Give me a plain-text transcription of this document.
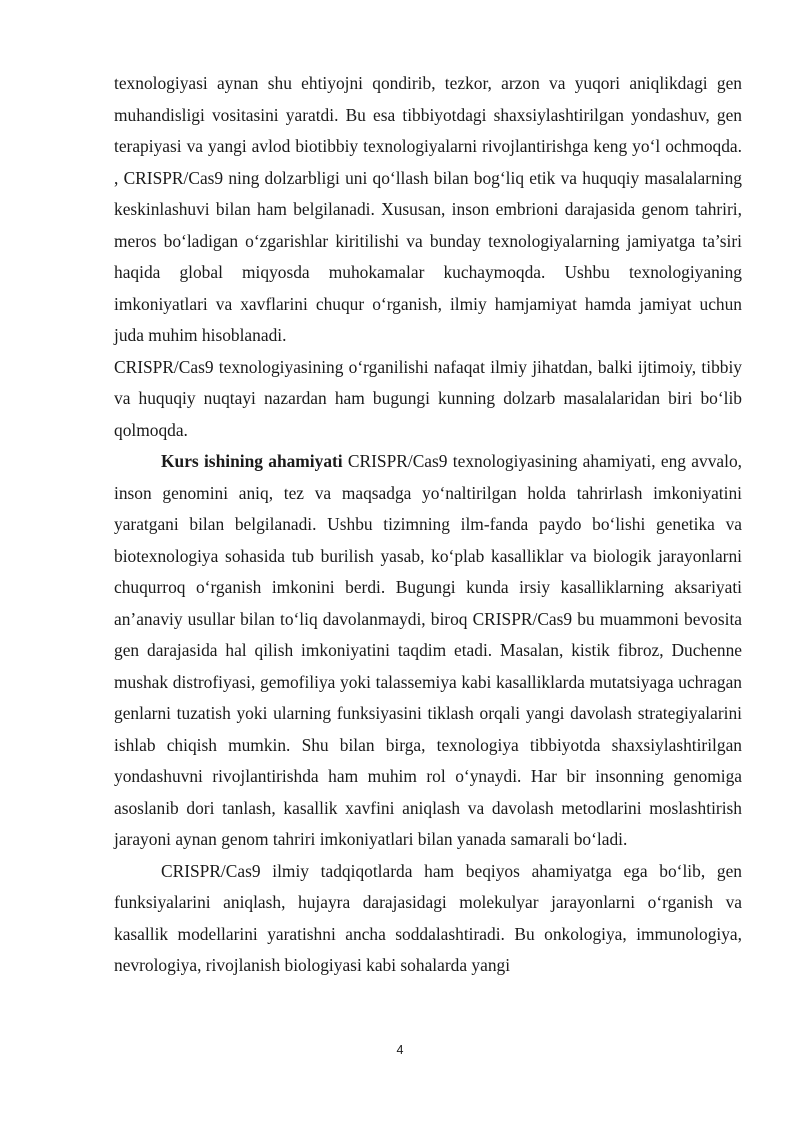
texnologiyasi aynan shu ehtiyojni qondirib, tezkor, arzon va yuqori aniqlikdagi gen muhandisligi vositasini yaratdi. Bu esa tibbiyotdagi shaxsiylashtirilgan yondashuv, gen terapiyasi va yangi avlod biotibbiy texnologiyalarni rivojlantirishga keng yo‘l ochmoqda. , CRISPR/Cas9 ning dolzarbligi uni qo‘llash bilan bog‘liq etik va huquqiy masalalarning keskinlashuvi bilan ham belgilanadi. Xususan, inson embrioni darajasida genom tahriri, meros bo‘ladigan o‘zgarishlar kiritilishi va bunday texnologiyalarning jamiyatga ta’siri haqida global miqyosda muhokamalar kuchaymoqda. Ushbu texnologiyaning imkoniyatlari va xavflarini chuqur o‘rganish, ilmiy hamjamiyat hamda jamiyat uchun juda muhim hisoblanadi.

CRISPR/Cas9 texnologiyasining o‘rganilishi nafaqat ilmiy jihatdan, balki ijtimoiy, tibbiy va huquqiy nuqtayi nazardan ham bugungi kunning dolzarb masalalaridan biri bo‘lib qolmoqda.

Kurs ishining ahamiyati CRISPR/Cas9 texnologiyasining ahamiyati, eng avvalo, inson genomini aniq, tez va maqsadga yo‘naltirilgan holda tahrirlash imkoniyatini yaratgani bilan belgilanadi. Ushbu tizimning ilm-fanda paydo bo‘lishi genetika va biotexnologiya sohasida tub burilish yasab, ko‘plab kasalliklar va biologik jarayonlarni chuqurroq o‘rganish imkonini berdi. Bugungi kunda irsiy kasalliklarning aksariyati an’anaviy usullar bilan to‘liq davolanmaydi, biroq CRISPR/Cas9 bu muammoni bevosita gen darajasida hal qilish imkoniyatini taqdim etadi. Masalan, kistik fibroz, Duchenne mushak distrofiyasi, gemofiliya yoki talassemiya kabi kasalliklarda mutatsiyaga uchragan genlarni tuzatish yoki ularning funksiyasini tiklash orqali yangi davolash strategiyalarini ishlab chiqish mumkin. Shu bilan birga, texnologiya tibbiyotda shaxsiylashtirilgan yondashuvni rivojlantirishda ham muhim rol o‘ynaydi. Har bir insonning genomiga asoslanib dori tanlash, kasallik xavfini aniqlash va davolash metodlarini moslashtirish jarayoni aynan genom tahriri imkoniyatlari bilan yanada samarali bo‘ladi.

CRISPR/Cas9 ilmiy tadqiqotlarda ham beqiyos ahamiyatga ega bo‘lib, gen funksiyalarini aniqlash, hujayra darajasidagi molekulyar jarayonlarni o‘rganish va kasallik modellarini yaratishni ancha soddalashtiradi. Bu onkologiya, immunologiya, nevrologiya, rivojlanish biologiyasi kabi sohalarda yangi

4
